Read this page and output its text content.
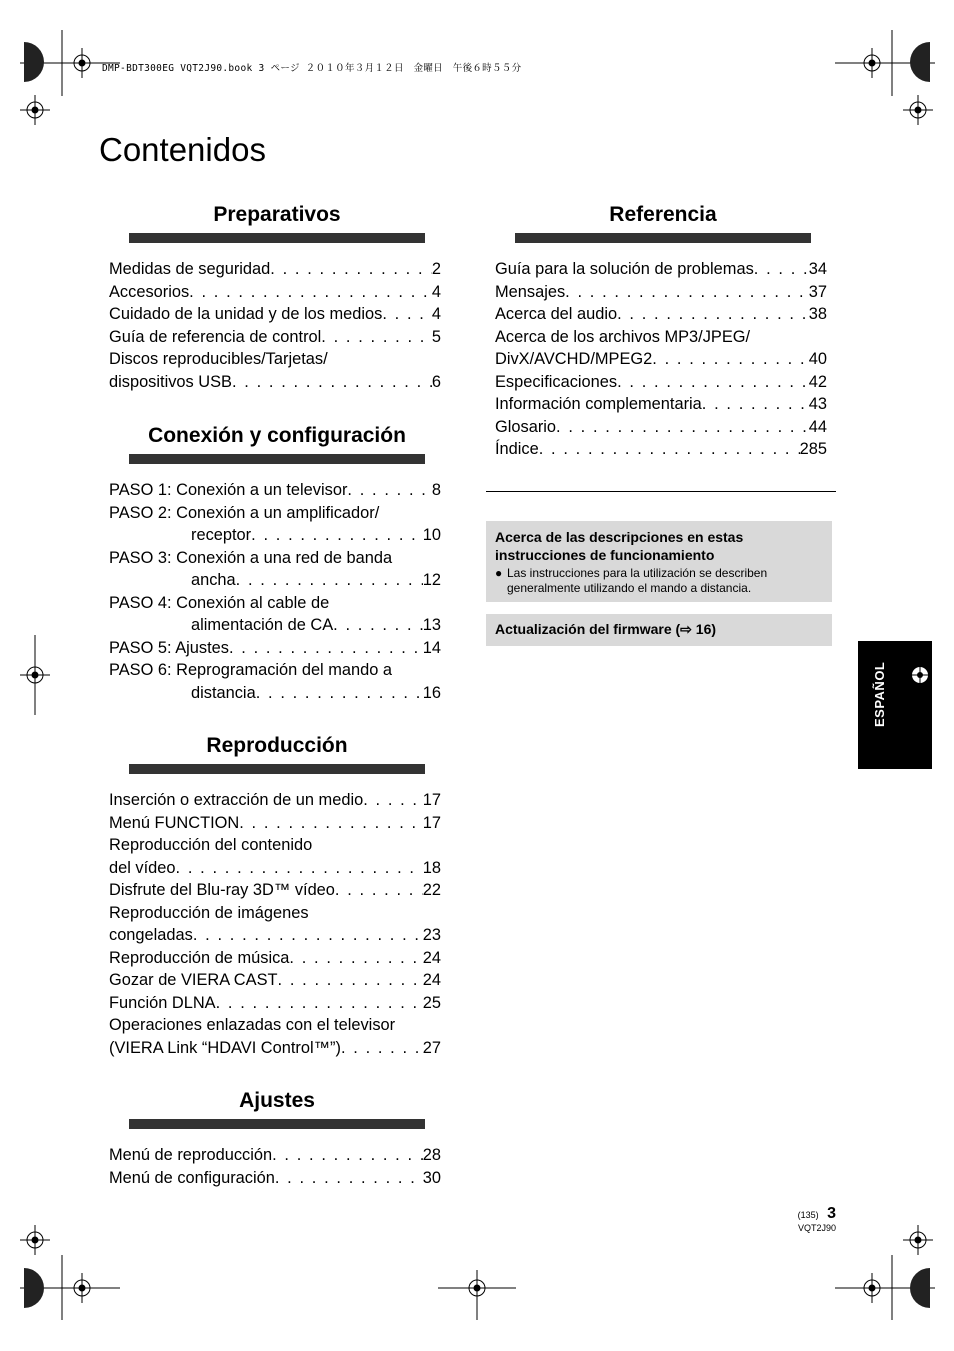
DMP-BDT300EG VQT2J90.book 3 ページ ２０１０年３月１２日　金曜日　午後６時５５分
Contenidos
Preparativos
Medidas de seguridad . . .	2
Accesorios . . .	4
Cuidado de la unidad y de los medios . . .	4
Guía de referencia de control . . .	5
Discos reproducibles/Tarjetas/
dispositivos USB . . .	6
Conexión y configuración
PASO 1: Conexión a un televisor . . .	8
PASO 2: Conexión a un amplificador/
receptor . . .	10
PASO 3: Conexión a una red de banda
ancha . . .	12
PASO 4: Conexión al cable de
alimentación de CA . . .	13
PASO 5: Ajustes . . .	14
PASO 6: Reprogramación del mando a
distancia . . .	16
Reproducción
Inserción o extracción de un medio . . .	17
Menú FUNCTION . . .	17
Reproducción del contenido
del vídeo . . .	18
Disfrute del Blu-ray 3D™ vídeo . . .	22
Reproducción de imágenes
congeladas . . .	23
Reproducción de música . . .	24
Gozar de VIERA CAST . . .	24
Función DLNA . . .	25
Operaciones enlazadas con el televisor
(VIERA Link “HDAVI Control™”) . . .	27
Ajustes
Menú de reproducción . . .	28
Menú de configuración . . .	30
Referencia
Guía para la solución de problemas . . .	34
Mensajes . . .	37
Acerca del audio . . .	38
Acerca de los archivos MP3/JPEG/
DivX/AVCHD/MPEG2 . . .	40
Especificaciones . . .	42
Información complementaria . . .	43
Glosario . . .	44
Índice . . .	285
Acerca de las descripciones en estas instrucciones de funcionamiento
● Las instrucciones para la utilización se describen generalmente utilizando el mando a distancia.
Actualización del firmware (⇨ 16)
ESPAÑOL
(135) 3
VQT2J90
